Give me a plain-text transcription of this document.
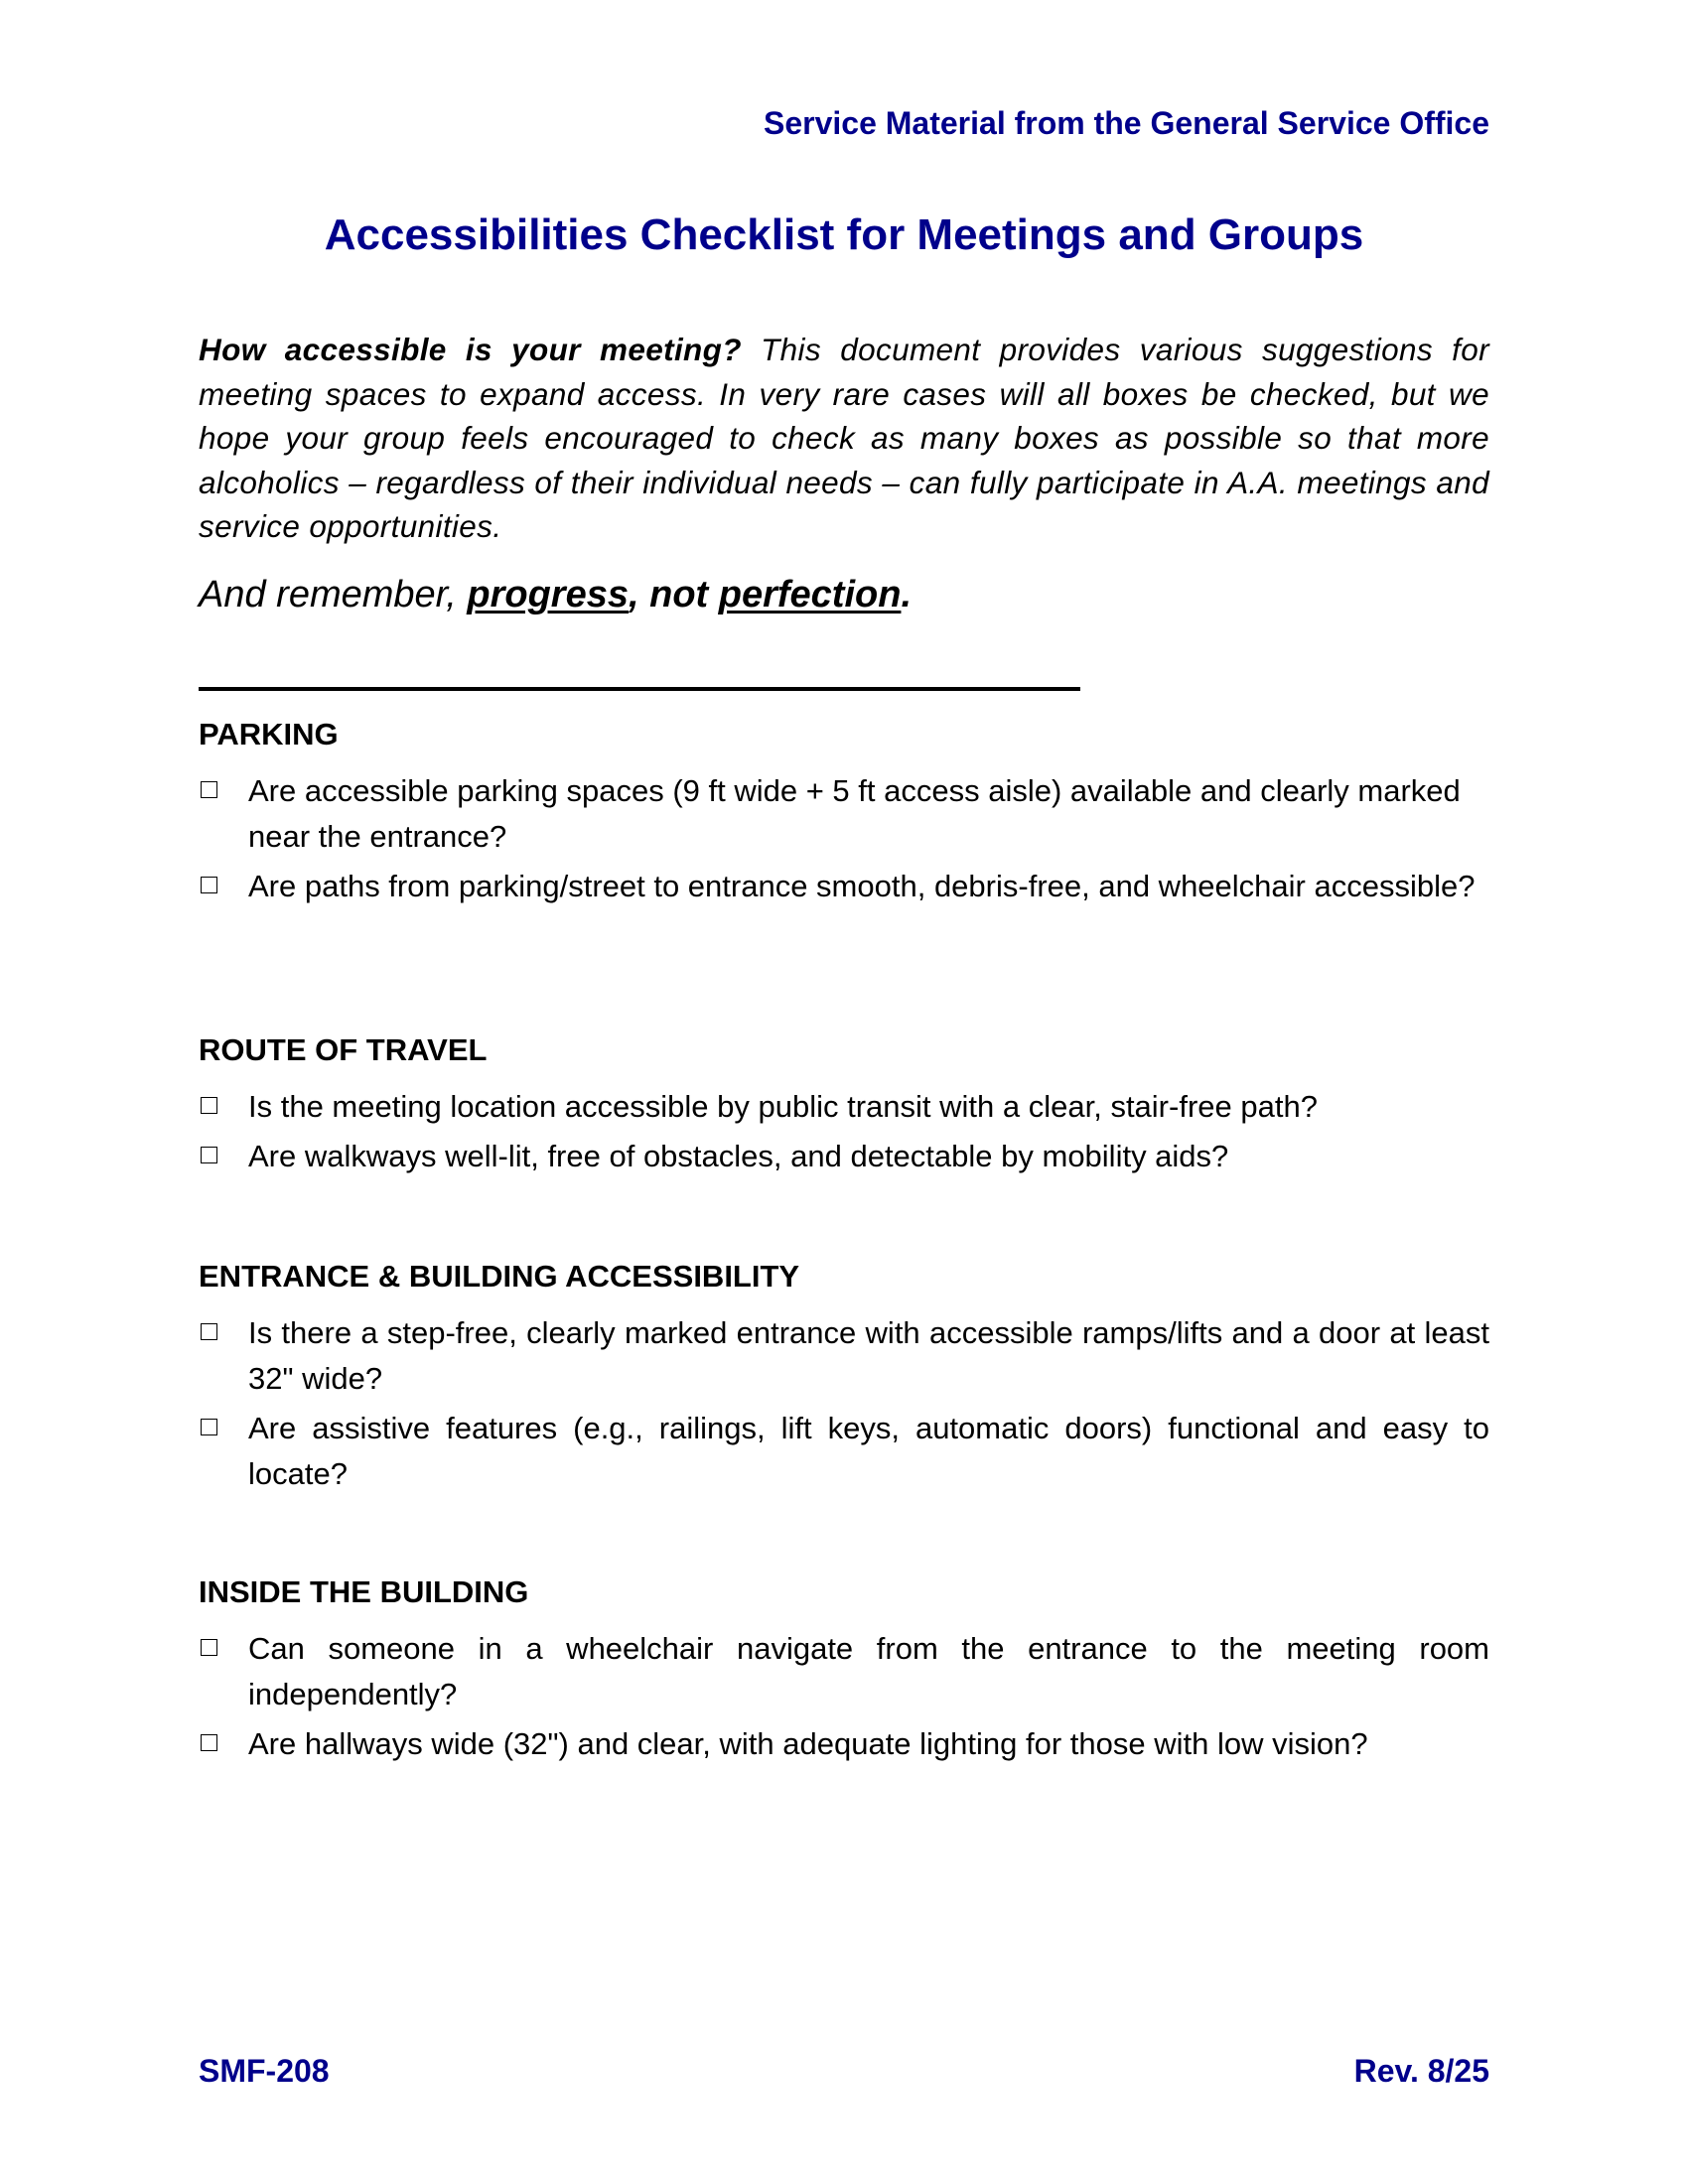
Service Material from the General Service Office
Accessibilities Checklist for Meetings and Groups

How accessible is your meeting? This document provides various suggestions for meeting spaces to expand access. In very rare cases will all boxes be checked, but we hope your group feels encouraged to check as many boxes as possible so that more alcoholics – regardless of their individual needs – can fully participate in A.A. meetings and service opportunities.

And remember, progress, not perfection.

PARKING
Are accessible parking spaces (9 ft wide + 5 ft access aisle) available and clearly marked near the entrance?
Are paths from parking/street to entrance smooth, debris-free, and wheelchair accessible?
ROUTE OF TRAVEL
Is the meeting location accessible by public transit with a clear, stair-free path?
Are walkways well-lit, free of obstacles, and detectable by mobility aids?
ENTRANCE & BUILDING ACCESSIBILITY
Is there a step-free, clearly marked entrance with accessible ramps/lifts and a door at least 32" wide?
Are assistive features (e.g., railings, lift keys, automatic doors) functional and easy to locate?
INSIDE THE BUILDING
Can someone in a wheelchair navigate from the entrance to the meeting room independently?
Are hallways wide (32") and clear, with adequate lighting for those with low vision?
SMF-208	Rev. 8/25
